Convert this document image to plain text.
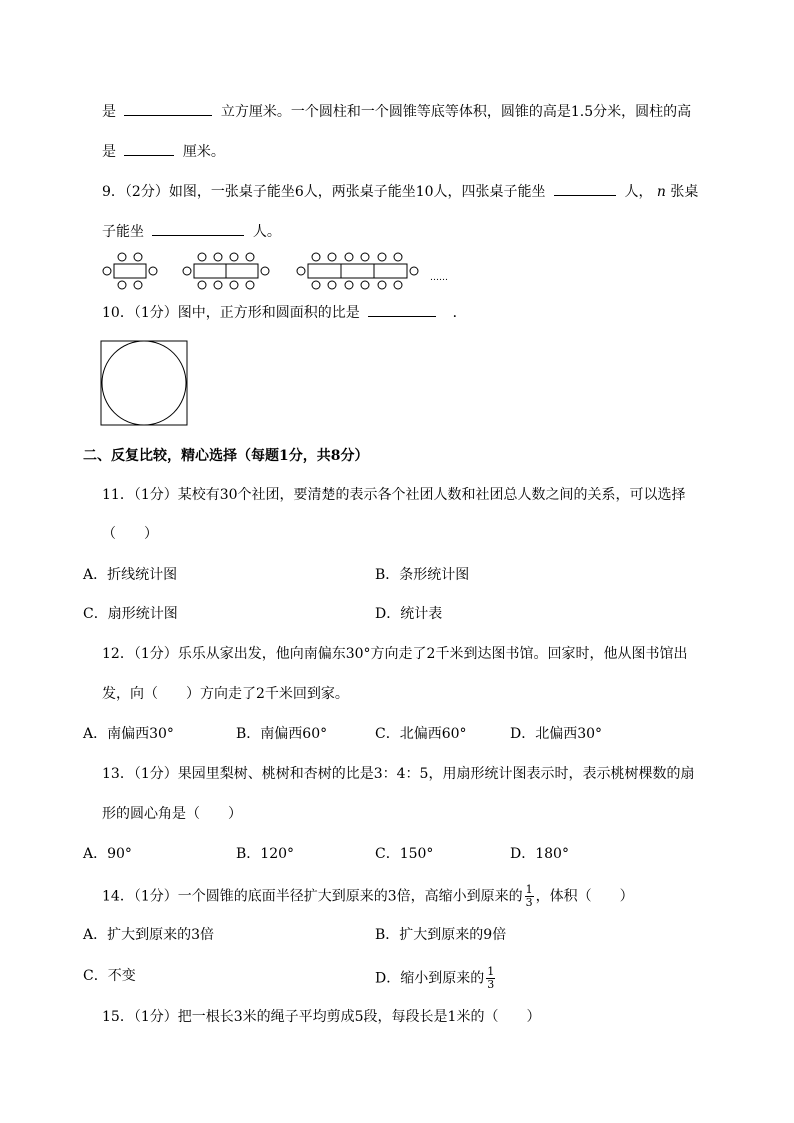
是	立方厘米。一个圆柱和一个圆锥等底等体积，圆锥的高是1.5分米，圆柱的高
是	厘米。
9．（2分）如图，一张桌子能坐6人，两张桌子能坐10人，四张桌子能坐	人， n 张桌
子能坐	人。
……
10．（1分）图中，正方形和圆面积的比是	．
二、反复比较，精心选择（每题1分，共8分）
11．（1分）某校有30个社团，要清楚的表示各个社团人数和社团总人数之间的关系，可以选择
（　　）
A．折线统计图	B．条形统计图
C．扇形统计图	D．统计表
12．（1分）乐乐从家出发，他向南偏东30°方向走了2千米到达图书馆。回家时，他从图书馆出
发，向（　　）方向走了2千米回到家。
A．南偏西30°	B．南偏西60°	C．北偏西60°	D．北偏西30°
13．（1分）果园里梨树、桃树和杏树的比是3：4：5，用扇形统计图表示时，表示桃树棵数的扇
形的圆心角是（　　）
A．90°	B．120°	C．150°	D．180°
14．（1分）一个圆锥的底面半径扩大到原来的3倍，高缩小到原来的 $\frac{1}{3}$ ，体积（　　）
A．扩大到原来的3倍	B．扩大到原来的9倍
C．不变	D．缩小到原来的 $\frac{1}{3}$
15．（1分）把一根长3米的绳子平均剪成5段，每段长是1米的（　　）
